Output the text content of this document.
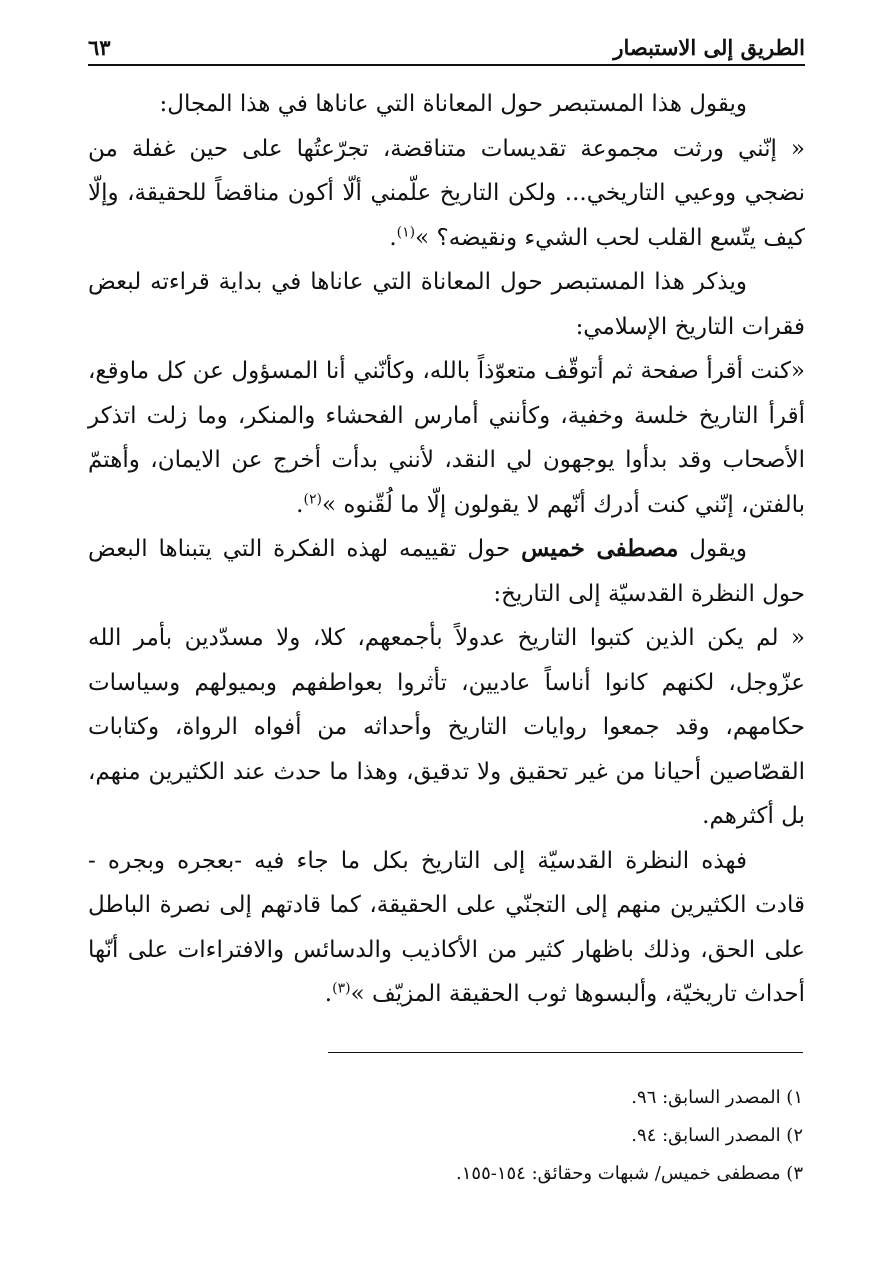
الطريق إلى الاستبصار
٦٣

ويقول هذا المستبصر حول المعاناة التي عاناها في هذا المجال:

« إنّني ورثت مجموعة تقديسات متناقضة، تجرّعتُها على حين غفلة من نضجي ووعيي التاريخي... ولكن التاريخ علّمني ألّا أكون مناقضاً للحقيقة، وإلّا كيف يتّسع القلب لحب الشيء ونقيضه؟ »$^{(١)}$.

ويذكر هذا المستبصر حول المعاناة التي عاناها في بداية قراءته لبعض فقرات التاريخ الإسلامي:

«كنت أقرأ صفحة ثم أتوقّف متعوّذاً بالله، وكأنّني أنا المسؤول عن كل ماوقع، أقرأ التاريخ خلسة وخفية، وكأنني أمارس الفحشاء والمنكر، وما زلت اتذكر الأصحاب وقد بدأوا يوجهون لي النقد، لأنني بدأت أخرج عن الايمان، وأهتمّ بالفتن، إنّني كنت أدرك أنّهم لا يقولون إلّا ما لُقّنوه »$^{(٢)}$.

ويقول مصطفى خميس حول تقييمه لهذه الفكرة التي يتبناها البعض حول النظرة القدسيّة إلى التاريخ:

« لم يكن الذين كتبوا التاريخ عدولاً بأجمعهم، كلا، ولا مسدّدين بأمر الله عزّوجل، لكنهم كانوا أناساً عاديين، تأثروا بعواطفهم وبميولهم وسياسات حكامهم، وقد جمعوا روايات التاريخ وأحداثه من أفواه الرواة، وكتابات القصّاصين أحيانا من غير تحقيق ولا تدقيق، وهذا ما حدث عند الكثيرين منهم، بل أكثرهم.

فهذه النظرة القدسيّة إلى التاريخ بكل ما جاء فيه -بعجره وبجره - قادت الكثيرين منهم إلى التجنّي على الحقيقة، كما قادتهم إلى نصرة الباطل على الحق، وذلك باظهار كثير من الأكاذيب والدسائس والافتراءات على أنّها أحداث تاريخيّة، وألبسوها ثوب الحقيقة المزيّف »$^{(٣)}$.

١) المصدر السابق: ٩٦.

٢) المصدر السابق: ٩٤.

٣) مصطفى خميس/ شبهات وحقائق: ١٥٤-١٥٥.
